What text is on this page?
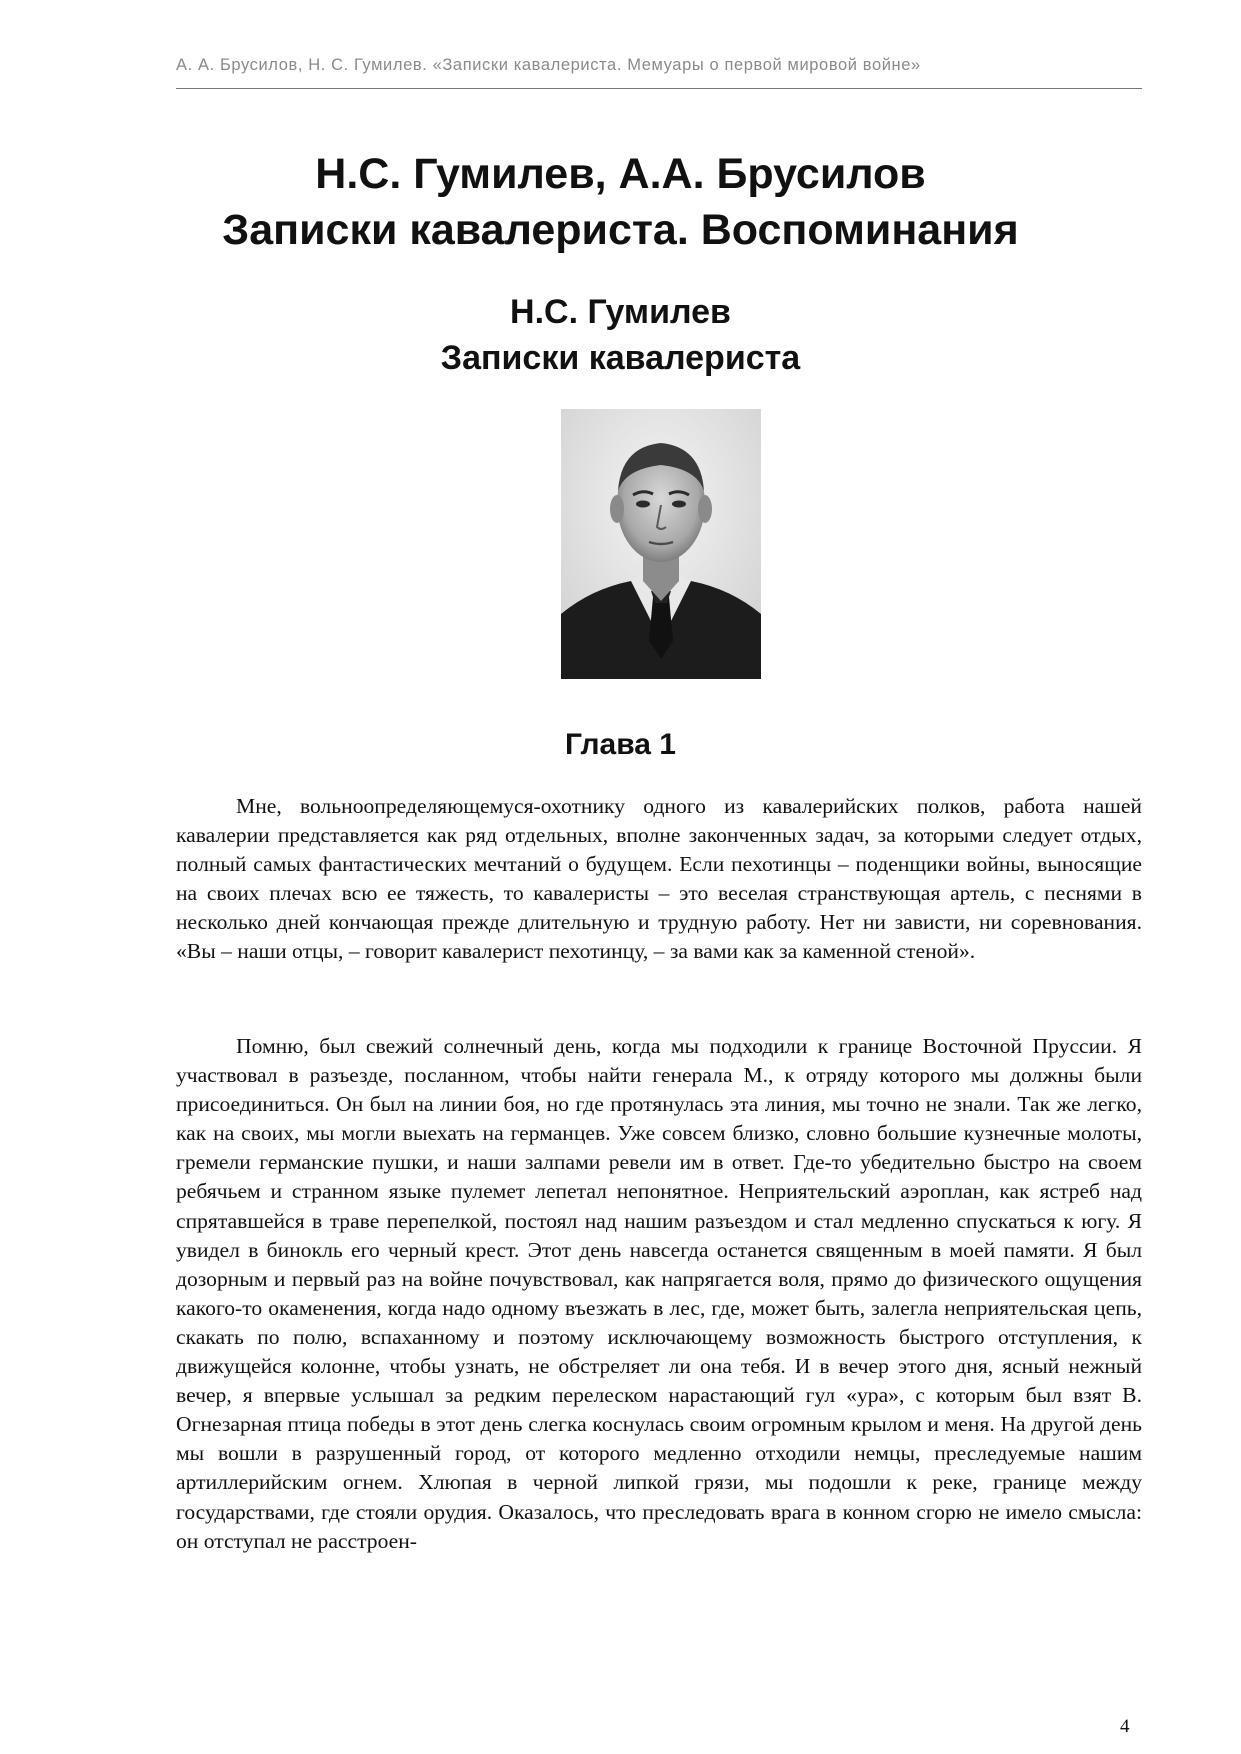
А. А. Брусилов, Н. С. Гумилев. «Записки кавалериста. Мемуары о первой мировой войне»
Н.С. Гумилев, А.А. Брусилов
Записки кавалериста. Воспоминания
Н.С. Гумилев
Записки кавалериста
Глава 1

Мне, вольноопределяющемуся-охотнику одного из кавалерийских полков, работа нашей кавалерии представляется как ряд отдельных, вполне законченных задач, за которыми следует отдых, полный самых фантастических мечтаний о будущем. Если пехотинцы – поденщики войны, выносящие на своих плечах всю ее тяжесть, то кавалеристы – это веселая странствующая артель, с песнями в несколько дней кончающая прежде длительную и трудную работу. Нет ни зависти, ни соревнования. «Вы – наши отцы, – говорит кавалерист пехотинцу, – за вами как за каменной стеной».

Помню, был свежий солнечный день, когда мы подходили к границе Восточной Пруссии. Я участвовал в разъезде, посланном, чтобы найти генерала М., к отряду которого мы должны были присоединиться. Он был на линии боя, но где протянулась эта линия, мы точно не знали. Так же легко, как на своих, мы могли выехать на германцев. Уже совсем близко, словно большие кузнечные молоты, гремели германские пушки, и наши залпами ревели им в ответ. Где-то убедительно быстро на своем ребячьем и странном языке пулемет лепетал непонятное. Неприятельский аэроплан, как ястреб над спрятавшейся в траве перепелкой, постоял над нашим разъездом и стал медленно спускаться к югу. Я увидел в бинокль его черный крест. Этот день навсегда останется священным в моей памяти. Я был дозорным и первый раз на войне почувствовал, как напрягается воля, прямо до физического ощущения какого-то окаменения, когда надо одному въезжать в лес, где, может быть, залегла неприятельская цепь, скакать по полю, вспаханному и поэтому исключающему возможность быстрого отступления, к движущейся колонне, чтобы узнать, не обстреляет ли она тебя. И в вечер этого дня, ясный нежный вечер, я впервые услышал за редким перелеском нарастающий гул «ура», с которым был взят В. Огнезарная птица победы в этот день слегка коснулась своим огромным крылом и меня. На другой день мы вошли в разрушенный город, от которого медленно отходили немцы, преследуемые нашим артиллерийским огнем. Хлюпая в черной липкой грязи, мы подошли к реке, границе между государствами, где стояли орудия. Оказалось, что преследовать врага в конном сгорю не имело смысла: он отступал не расстроен-

4
